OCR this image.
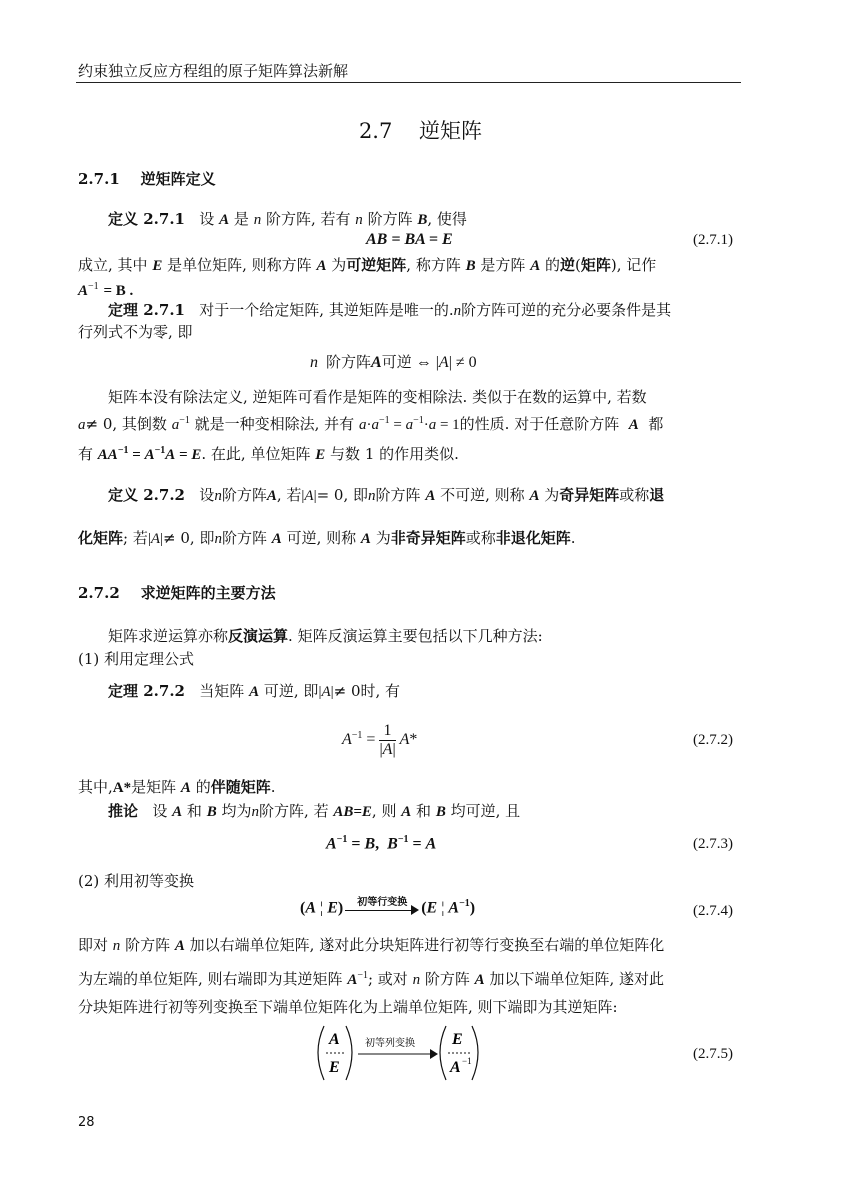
约束独立反应方程组的原子矩阵算法新解
2.7    逆矩阵
2.7.1    逆矩阵定义
定义 2.7.1 设 A 是 n 阶方阵, 若有 n 阶方阵 B, 使得
AB = BA = E	(2.7.1)
成立, 其中 E 是单位矩阵, 则称方阵 A 为可逆矩阵, 称方阵 B 是方阵 A 的逆(矩阵), 记作
$A^{-1} = B$ .
定理 2.7.1 对于一个给定矩阵, 其逆矩阵是唯一的.n阶方阵可逆的充分必要条件是其
行列式不为零, 即
n 阶方阵A可逆 ⇔ |A| ≠ 0
矩阵本没有除法定义, 逆矩阵可看作是矩阵的变相除法. 类似于在数的运算中, 若数
a≠ 0, 其倒数 $a^{-1}$ 就是一种变相除法, 并有 $a\cdot a^{-1} = a^{-1}\cdot a = 1$的性质. 对于任意阶方阵 A 都
有 $AA^{-1} = A^{-1}A = E$. 在此, 单位矩阵 E 与数 1 的作用类似.
定义 2.7.2 设n阶方阵A, 若|A|= 0, 即n阶方阵 A 不可逆, 则称 A 为奇异矩阵或称退
化矩阵; 若|A|≠ 0, 即n阶方阵 A 可逆, 则称 A 为非奇异矩阵或称非退化矩阵.
2.7.2    求逆矩阵的主要方法
矩阵求逆运算亦称反演运算. 矩阵反演运算主要包括以下几种方法:
(1) 利用定理公式
定理 2.7.2 当矩阵 A 可逆, 即|A|≠ 0时, 有
$A^{-1} = \frac{1}{|A|} A*$	(2.7.2)
其中,A*是矩阵 A 的伴随矩阵.
推论 设 A 和 B 均为n阶方阵, 若 AB=E, 则 A 和 B 均可逆, 且
$A^{-1} = B$,  $B^{-1} = A$	(2.7.3)
(2) 利用初等变换
(A ¦ E)	初等行变换 (E ¦ $A^{-1}$)	(2.7.4)
即对 n 阶方阵 A 加以右端单位矩阵, 遂对此分块矩阵进行初等行变换至右端的单位矩阵化
为左端的单位矩阵, 则右端即为其逆矩阵 $A^{-1}$; 或对 n 阶方阵 A 加以下端单位矩阵, 遂对此
分块矩阵进行初等列变换至下端单位矩阵化为上端单位矩阵, 则下端即为其逆矩阵:
A
E
初等列变换 E
A −1	(2.7.5)
28
